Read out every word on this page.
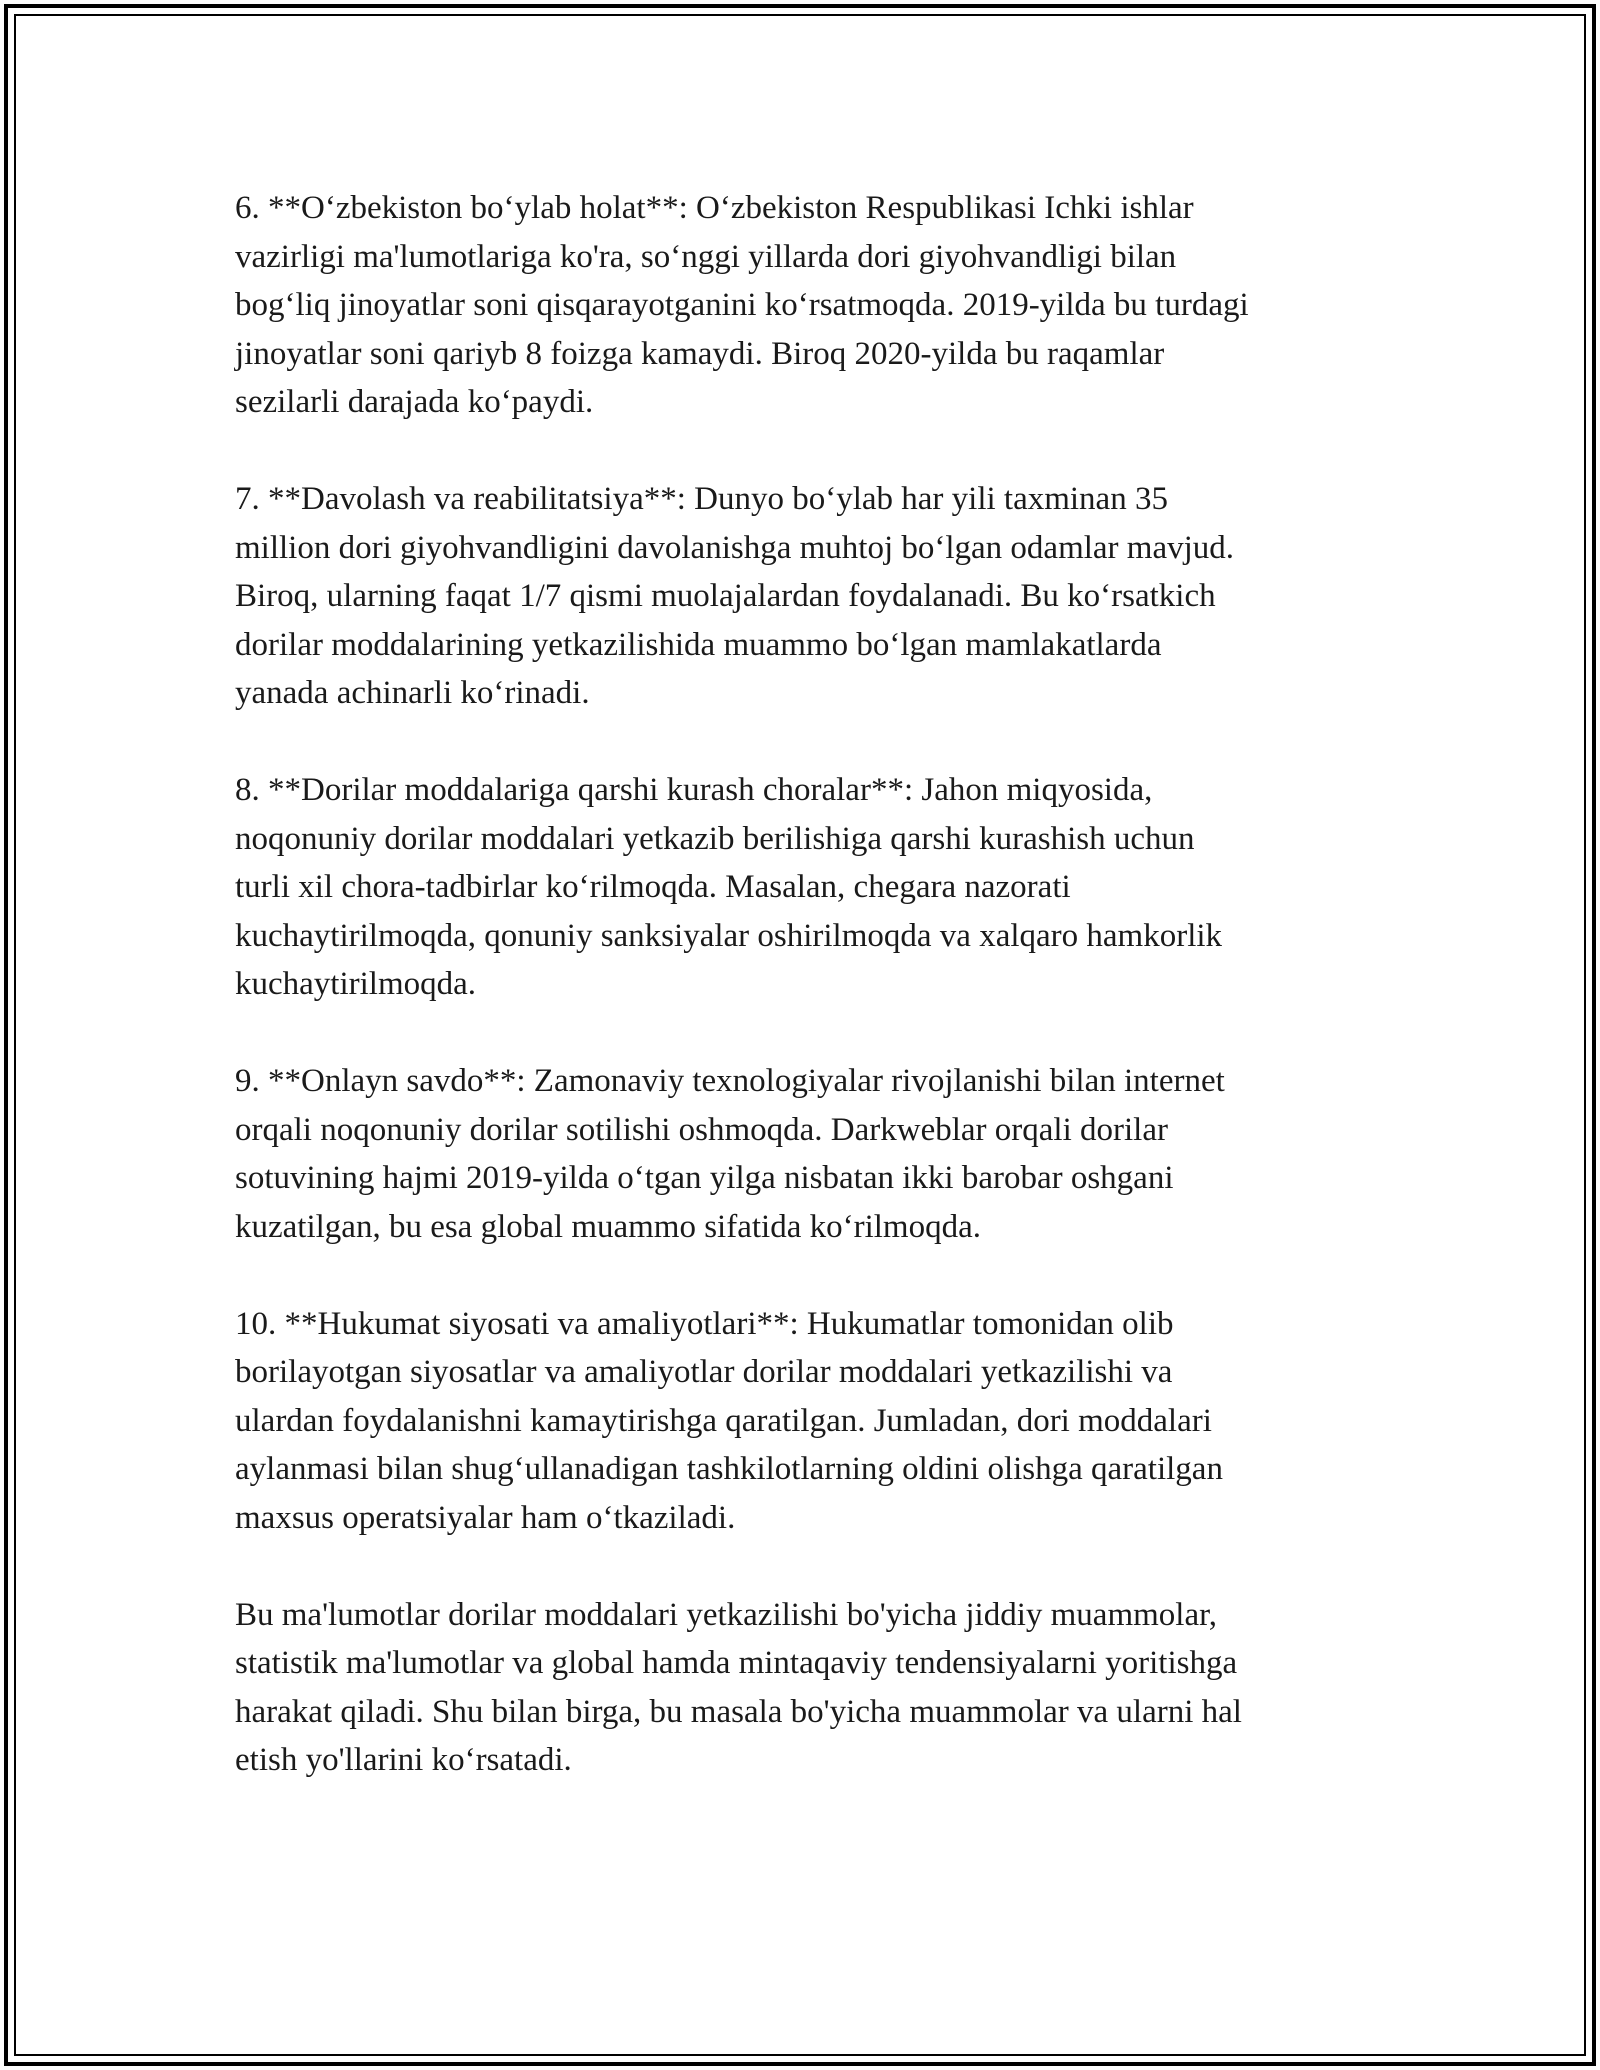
6. **Oʻzbekiston boʻylab holat**: Oʻzbekiston Respublikasi Ichki ishlar
vazirligi ma'lumotlariga ko'ra, soʻnggi yillarda dori giyohvandligi bilan
bogʻliq jinoyatlar soni qisqarayotganini koʻrsatmoqda. 2019-yilda bu turdagi
jinoyatlar soni qariyb 8 foizga kamaydi. Biroq 2020-yilda bu raqamlar
sezilarli darajada koʻpaydi.

7. **Davolash va reabilitatsiya**: Dunyo boʻylab har yili taxminan 35
million dori giyohvandligini davolanishga muhtoj boʻlgan odamlar mavjud.
Biroq, ularning faqat 1/7 qismi muolajalardan foydalanadi. Bu koʻrsatkich
dorilar moddalarining yetkazilishida muammo boʻlgan mamlakatlarda
yanada achinarli koʻrinadi.

8. **Dorilar moddalariga qarshi kurash choralar**: Jahon miqyosida,
noqonuniy dorilar moddalari yetkazib berilishiga qarshi kurashish uchun
turli xil chora-tadbirlar koʻrilmoqda. Masalan, chegara nazorati
kuchaytirilmoqda, qonuniy sanksiyalar oshirilmoqda va xalqaro hamkorlik
kuchaytirilmoqda.

9. **Onlayn savdo**: Zamonaviy texnologiyalar rivojlanishi bilan internet
orqali noqonuniy dorilar sotilishi oshmoqda. Darkweblar orqali dorilar
sotuvining hajmi 2019-yilda oʻtgan yilga nisbatan ikki barobar oshgani
kuzatilgan, bu esa global muammo sifatida koʻrilmoqda.

10. **Hukumat siyosati va amaliyotlari**: Hukumatlar tomonidan olib
borilayotgan siyosatlar va amaliyotlar dorilar moddalari yetkazilishi va
ulardan foydalanishni kamaytirishga qaratilgan. Jumladan, dori moddalari
aylanmasi bilan shugʻullanadigan tashkilotlarning oldini olishga qaratilgan
maxsus operatsiyalar ham oʻtkaziladi.

Bu ma'lumotlar dorilar moddalari yetkazilishi bo'yicha jiddiy muammolar,
statistik ma'lumotlar va global hamda mintaqaviy tendensiyalarni yoritishga
harakat qiladi. Shu bilan birga, bu masala bo'yicha muammolar va ularni hal
etish yo'llarini koʻrsatadi.
